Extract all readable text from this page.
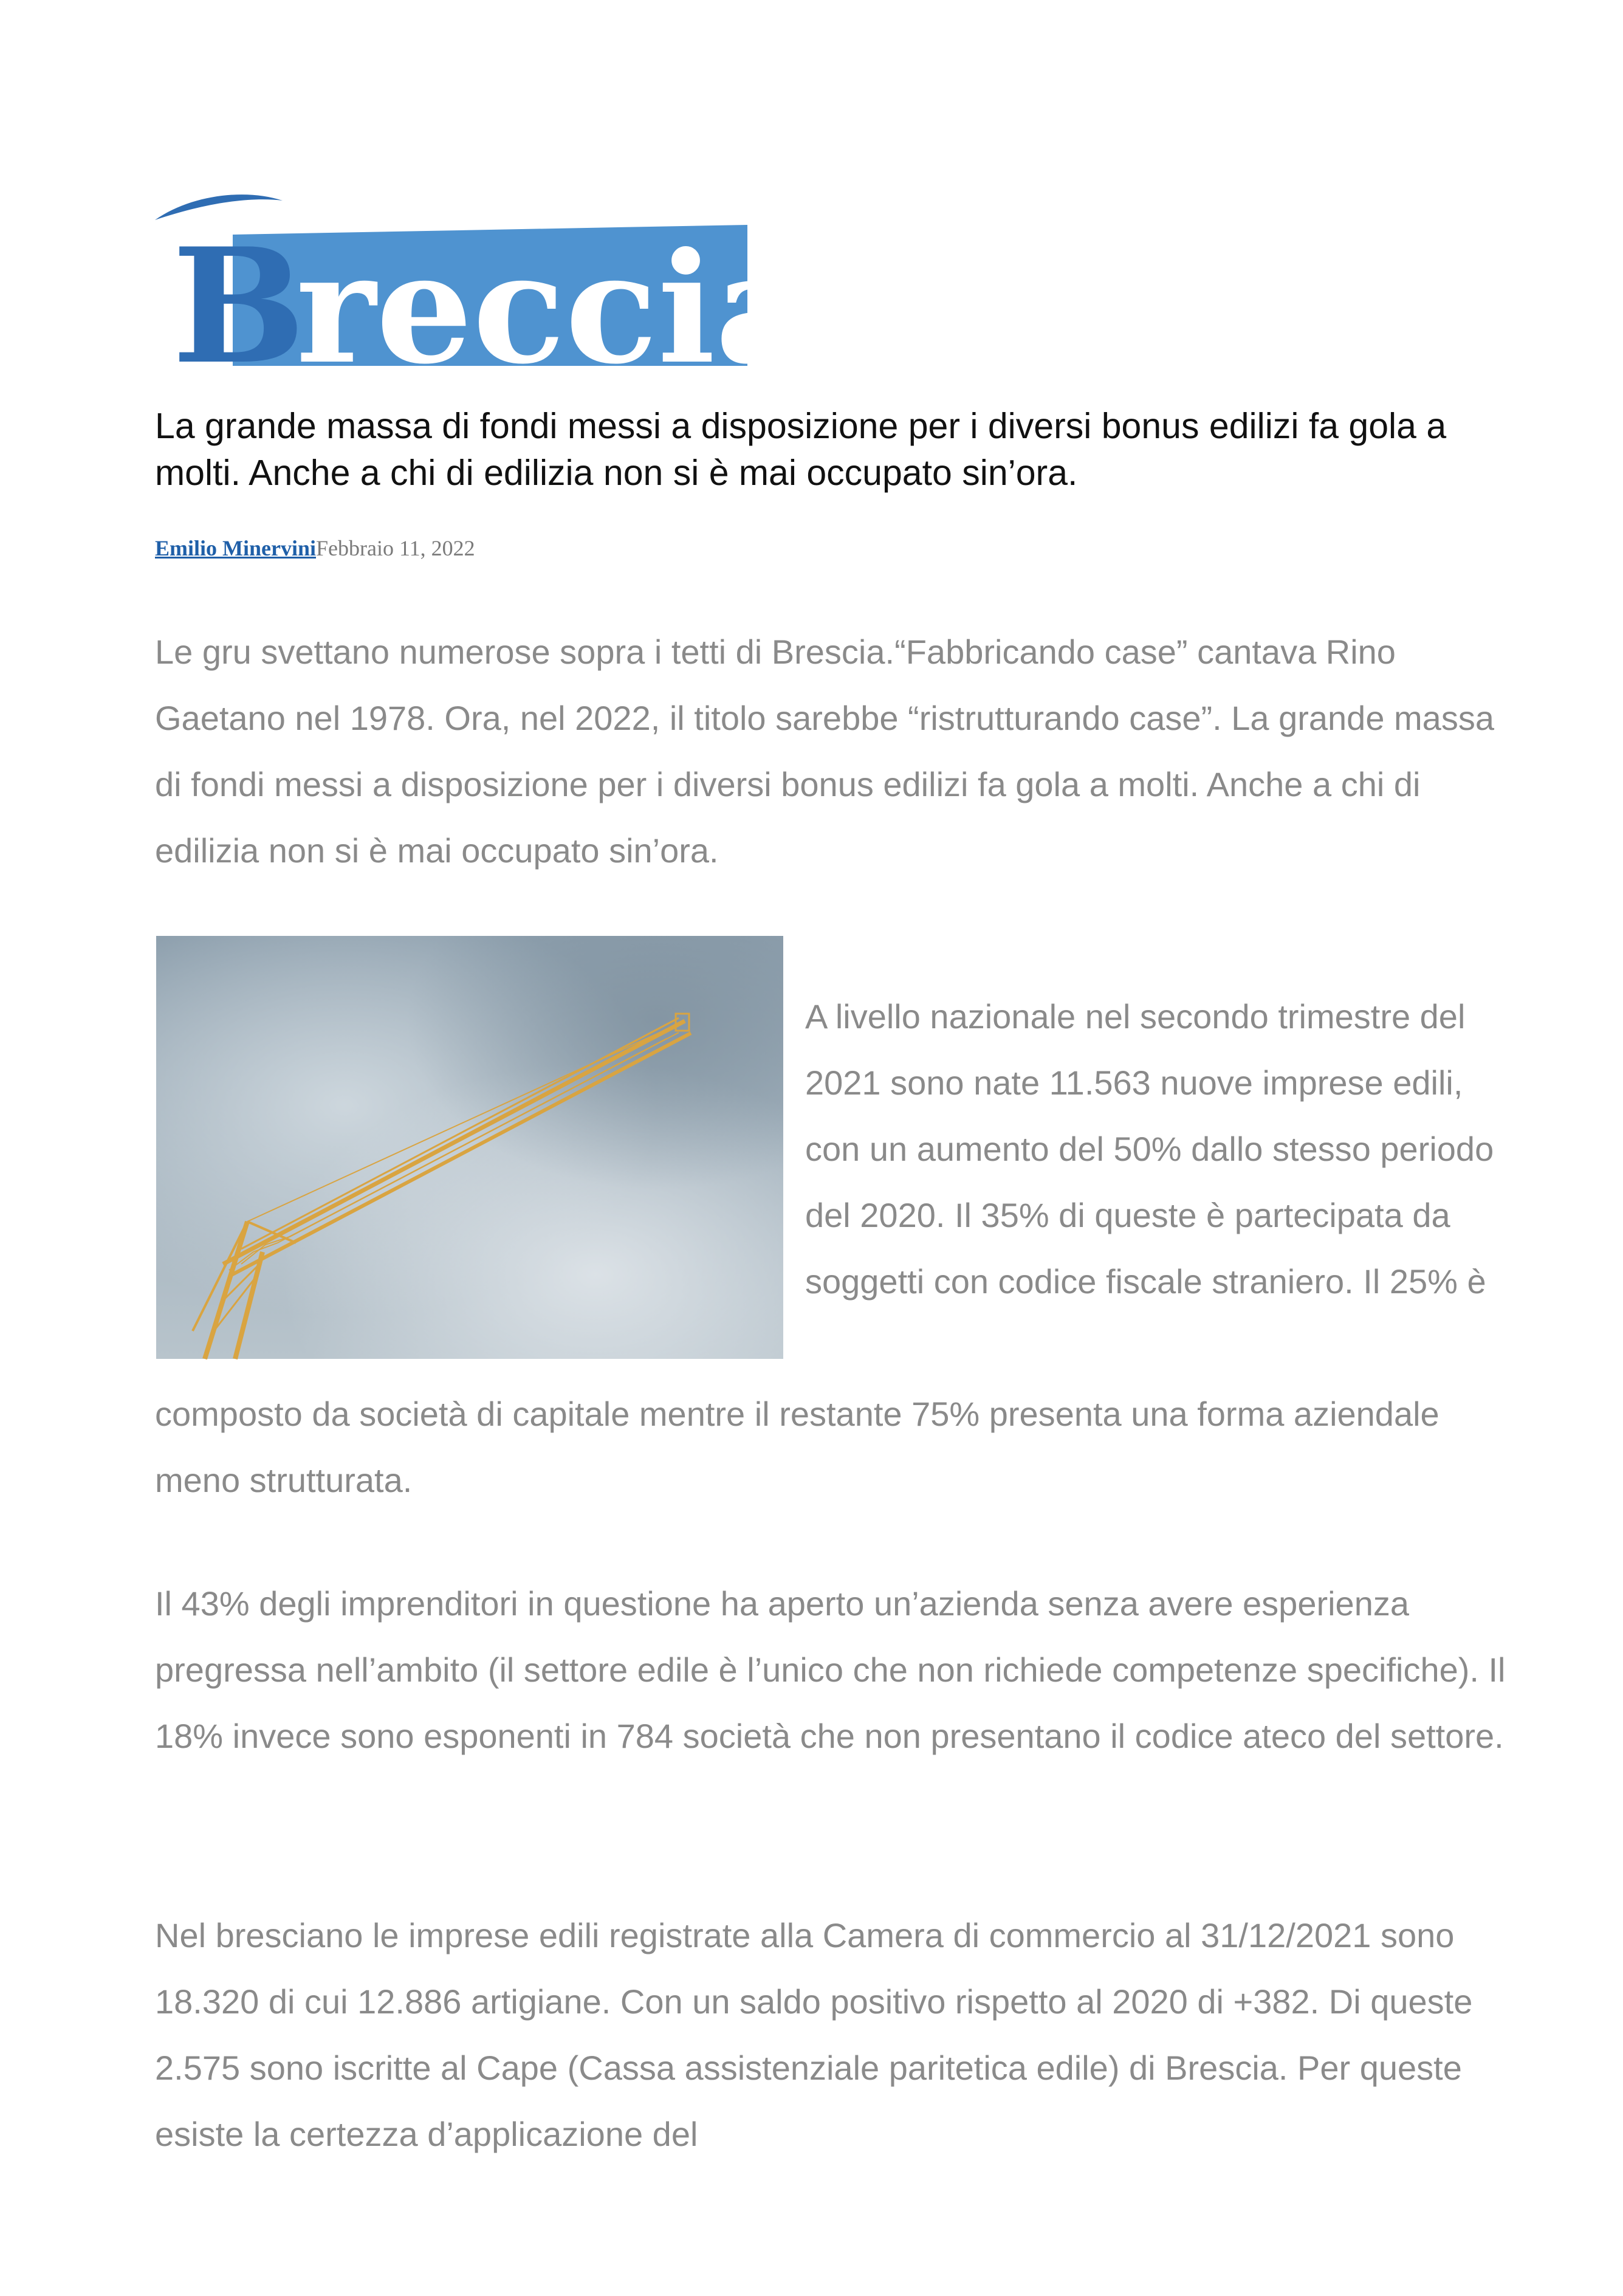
B
reccia
La grande massa di fondi messi a disposizione per i diversi bonus edilizi fa gola a molti. Anche a chi di edilizia non si è mai occupato sin’ora.
Emilio MinerviniFebbraio 11, 2022

Le gru svettano numerose sopra i tetti di Brescia.“Fabbricando case” cantava Rino Gaetano nel 1978. Ora, nel 2022, il titolo sarebbe “ristrutturando case”. La grande massa di fondi messi a disposizione per i diversi bonus edilizi fa gola a molti. Anche a chi di edilizia non si è mai occupato sin’ora.

A livello nazionale nel secondo trimestre del 2021 sono nate 11.563 nuove imprese edili, con un aumento del 50% dallo stesso periodo del 2020. Il 35% di queste è partecipata da soggetti con codice fiscale straniero. Il 25% è

composto da società di capitale mentre il restante 75% presenta una forma aziendale meno strutturata.

Il 43% degli imprenditori in questione ha aperto un’azienda senza avere esperienza pregressa nell’ambito (il settore edile è l’unico che non richiede competenze specifiche). Il 18% invece sono esponenti in 784 società che non presentano il codice ateco del settore.

Nel bresciano le imprese edili registrate alla Camera di commercio al 31/12/2021 sono 18.320 di cui 12.886 artigiane. Con un saldo positivo rispetto al 2020 di +382. Di queste 2.575 sono iscritte al Cape (Cassa assistenziale paritetica edile) di Brescia. Per queste esiste la certezza d’applicazione del
